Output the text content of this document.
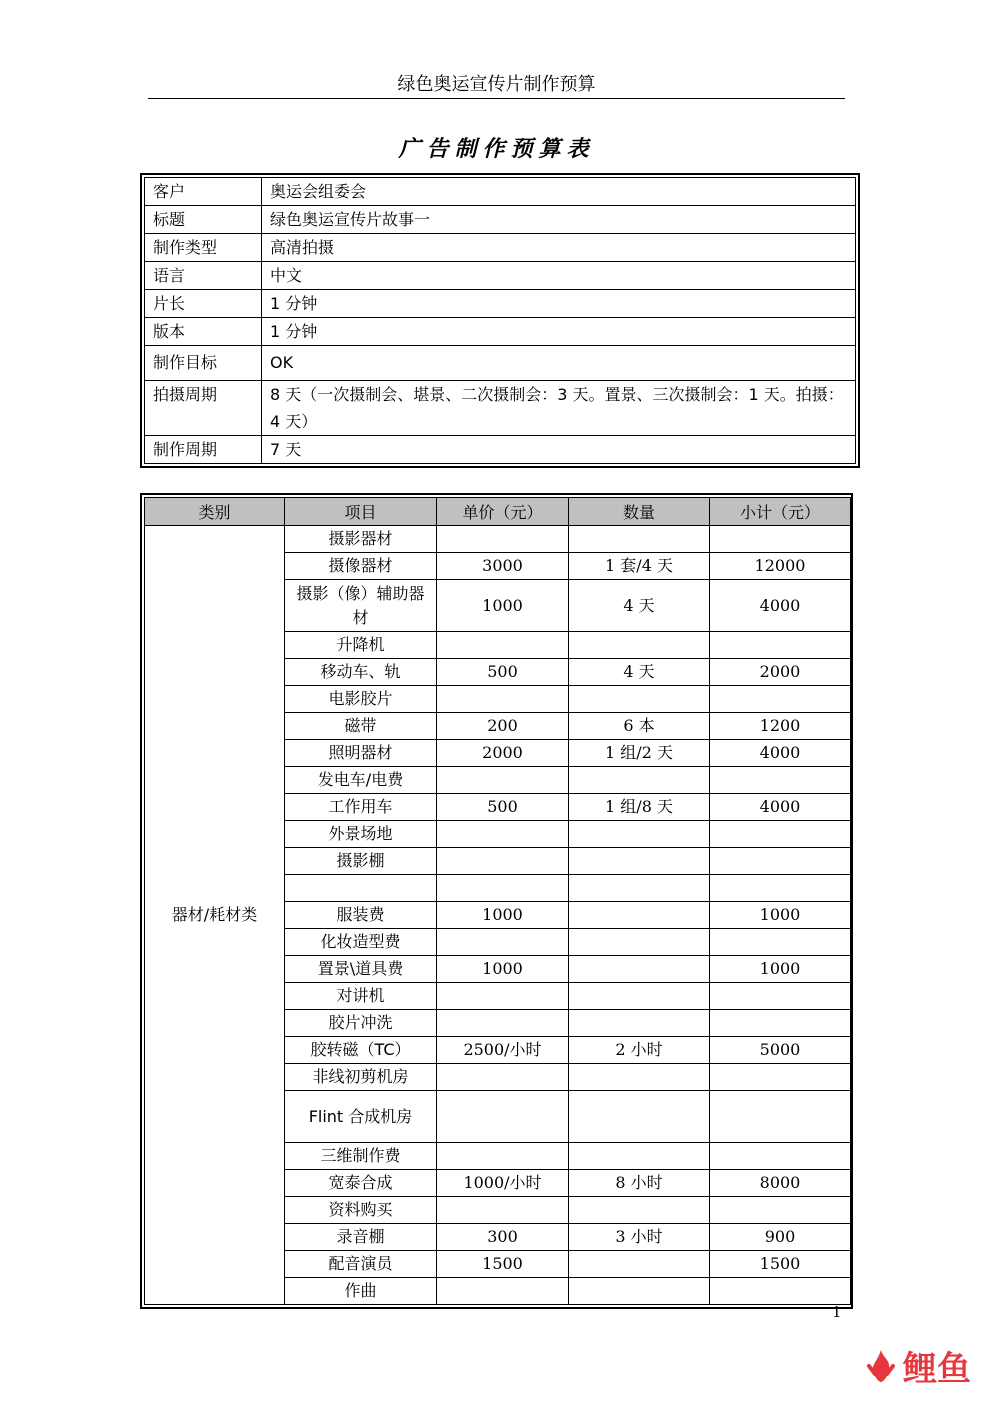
绿色奥运宣传片制作预算
广告制作预算表
客户	奥运会组委会
标题	绿色奥运宣传片故事一
制作类型	高清拍摄
语言	中文
片长	1 分钟
版本	1 分钟
制作目标	OK
拍摄周期	8 天（一次摄制会、堪景、二次摄制会：3 天。置景、三次摄制会：1 天。拍摄：4 天）
制作周期	7 天
类别	项目	单价（元）	数量	小计（元）
器材/耗材类	摄影器材			
	摄像器材	3000	1 套/4 天	12000
	摄影（像）辅助器材	1000	4 天	4000
	升降机			
	移动车、轨	500	4 天	2000
	电影胶片			
	磁带	200	6 本	1200
	照明器材	2000	1 组/2 天	4000
	发电车/电费			
	工作用车	500	1 组/8 天	4000
	外景场地			
	摄影棚			

	服装费	1000		1000
	化妆造型费			
	置景\道具费	1000		1000
	对讲机			
	胶片冲洗			
	胶转磁（TC）	2500/小时	2 小时	5000
	非线初剪机房			
	Flint 合成机房			
	三维制作费			
	宽泰合成	1000/小时	8 小时	8000
	资料购买			
	录音棚	300	3 小时	900
	配音演员	1500		1500
	作曲			
1
鲤鱼
